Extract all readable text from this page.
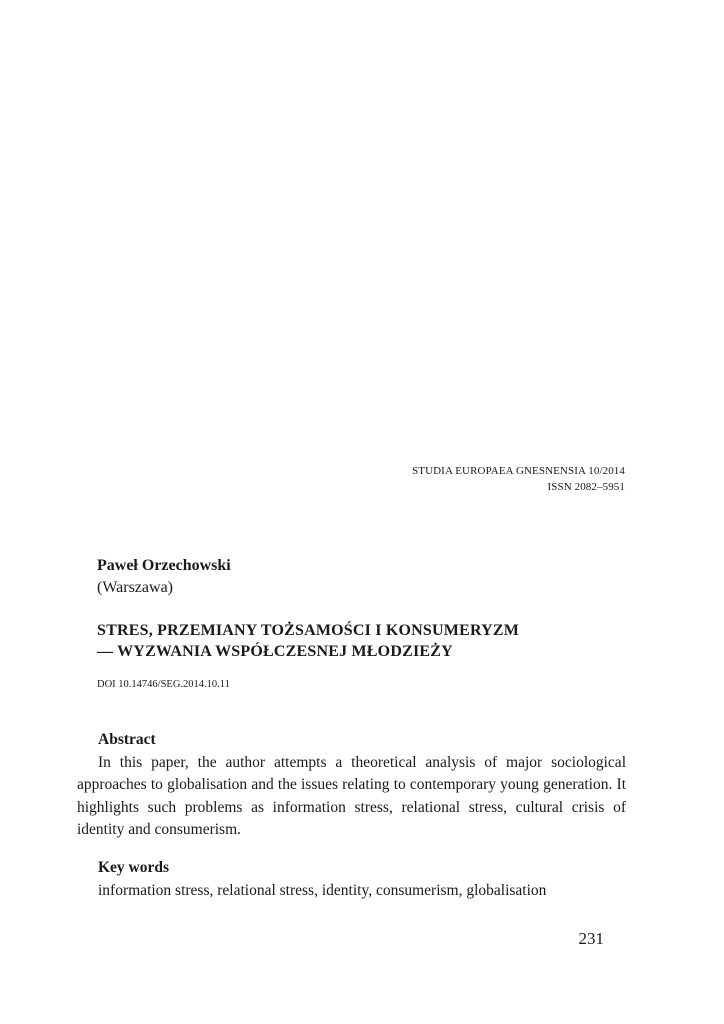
STUDIA EUROPAEA GNESNENSIA 10/2014
ISSN 2082–5951
Paweł Orzechowski
(Warszawa)
STRES, PRZEMIANY TOŻSAMOŚCI I KONSUMERYZM
— WYZWANIA WSPÓŁCZESNEJ MŁODZIEŻY
DOI 10.14746/SEG.2014.10.11
Abstract

In this paper, the author attempts a theoretical analysis of major sociological approaches to globalisation and the issues relating to contemporary young generation. It highlights such problems as information stress, relational stress, cultural crisis of identity and consumerism.

Key words
information stress, relational stress, identity, consumerism, globalisation
231
